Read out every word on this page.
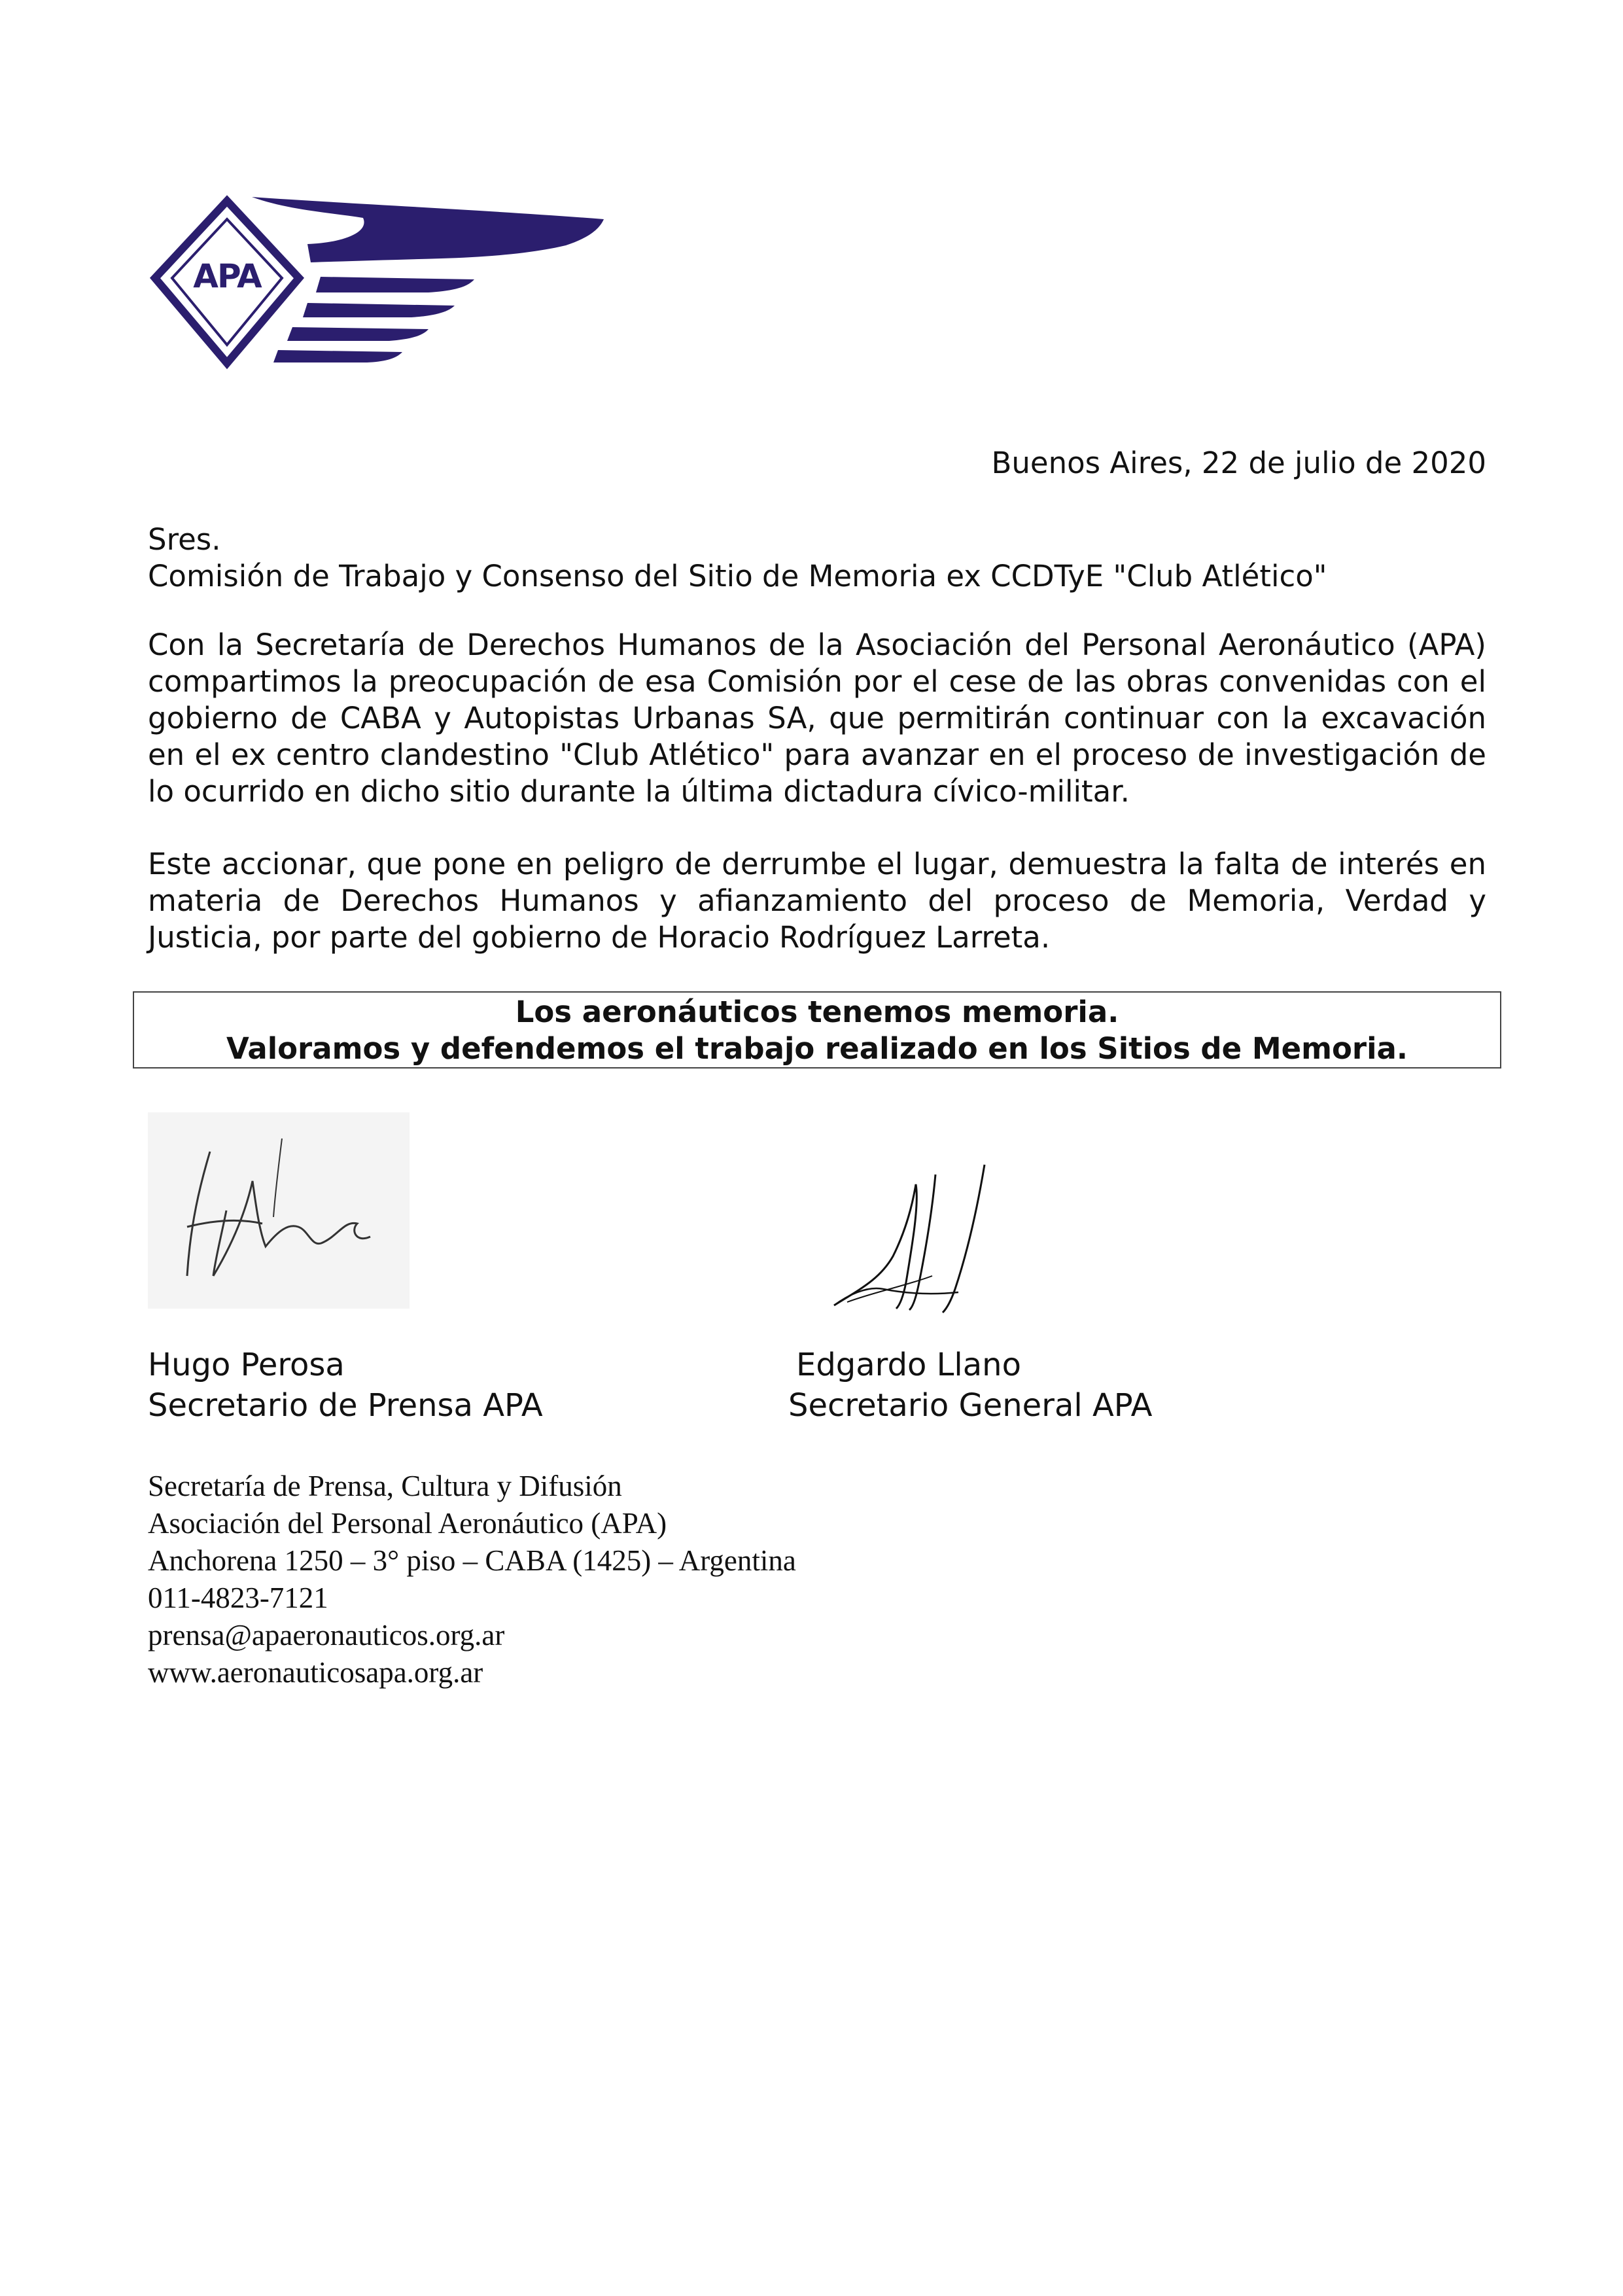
APA
Buenos Aires, 22 de julio de 2020
Sres.
Comisión de Trabajo y Consenso del Sitio de Memoria ex CCDTyE "Club Atlético"

Con la Secretaría de Derechos Humanos de la Asociación del Personal Aeronáutico (APA) compartimos la preocupación de esa Comisión por el cese de las obras convenidas con el gobierno de CABA y Autopistas Urbanas SA, que permitirán continuar con la excavación en el ex centro clandestino "Club Atlético" para avanzar en el proceso de investigación de lo ocurrido en dicho sitio durante la última dictadura cívico-militar.

Este accionar, que pone en peligro de derrumbe el lugar, demuestra la falta de interés en materia de Derechos Humanos y afianzamiento del proceso de Memoria, Verdad y Justicia, por parte del gobierno de Horacio Rodríguez Larreta.

Los aeronáuticos tenemos memoria.
Valoramos y defendemos el trabajo realizado en los Sitios de Memoria.
Hugo Perosa
Secretario de Prensa APA
Edgardo Llano
Secretario General APA
Secretaría de Prensa, Cultura y Difusión
Asociación del Personal Aeronáutico (APA)
Anchorena 1250 – 3° piso – CABA (1425) – Argentina
011-4823-7121
prensa@apaeronauticos.org.ar
www.aeronauticosapa.org.ar
